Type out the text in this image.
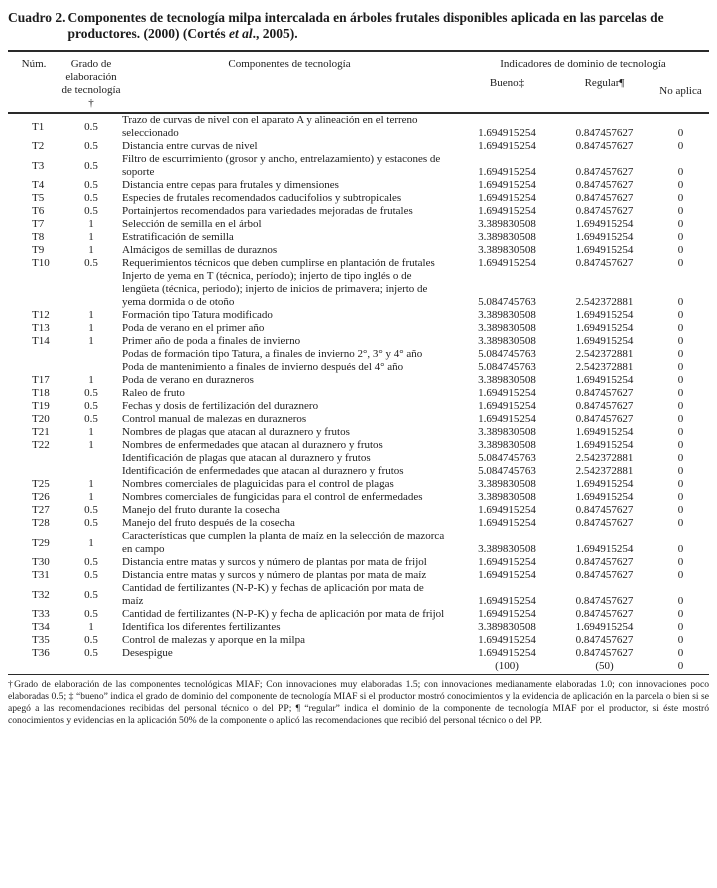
Cuadro 2. Componentes de tecnología milpa intercalada en árboles frutales disponibles aplicada en las parcelas de productores. (2000) (Cortés et al., 2005).
Núm.	Grado de elaboración de tecnología †	Componentes de tecnología	Indicadores de dominio de tecnología		
			Bueno‡	Regular¶	No aplica
T1	0.5	Trazo de curvas de nivel con el aparato A y alineación en el terreno seleccionado	1.694915254	0.847457627	0
T2	0.5	Distancia entre curvas de nivel	1.694915254	0.847457627	0
T3	0.5	Filtro de escurrimiento (grosor y ancho, entrelazamiento) y estacones de soporte	1.694915254	0.847457627	0
T4	0.5	Distancia entre cepas para frutales y dimensiones	1.694915254	0.847457627	0
T5	0.5	Especies de frutales recomendados caducifolios y subtropicales	1.694915254	0.847457627	0
T6	0.5	Portainjertos recomendados para variedades mejoradas de frutales	1.694915254	0.847457627	0
T7	1	Selección de semilla en el árbol	3.389830508	1.694915254	0
T8	1	Estratificación de semilla	3.389830508	1.694915254	0
T9	1	Almácigos de semillas de duraznos	3.389830508	1.694915254	0
T10	0.5	Requerimientos técnicos que deben cumplirse en plantación de frutales	1.694915254	0.847457627	0
		Injerto de yema en T (técnica, período); injerto de tipo inglés o de lengüeta (técnica, periodo); injerto de inicios de primavera; injerto de yema dormida o de otoño	5.084745763	2.542372881	0
T12	1	Formación tipo Tatura modificado	3.389830508	1.694915254	0
T13	1	Poda de verano en el primer año	3.389830508	1.694915254	0
T14	1	Primer año de poda a finales de invierno	3.389830508	1.694915254	0
		Podas de formación tipo Tatura, a finales de invierno 2°, 3° y 4° año	5.084745763	2.542372881	0
		Poda de mantenimiento a finales de invierno después del 4° año	5.084745763	2.542372881	0
T17	1	Poda de verano en durazneros	3.389830508	1.694915254	0
T18	0.5	Raleo de fruto	1.694915254	0.847457627	0
T19	0.5	Fechas y dosis de fertilización del duraznero	1.694915254	0.847457627	0
T20	0.5	Control manual de malezas en durazneros	1.694915254	0.847457627	0
T21	1	Nombres de plagas que atacan al duraznero y frutos	3.389830508	1.694915254	0
T22	1	Nombres de enfermedades que atacan al duraznero y frutos	3.389830508	1.694915254	0
		Identificación de plagas que atacan al duraznero y frutos	5.084745763	2.542372881	0
		Identificación de enfermedades que atacan al duraznero y frutos	5.084745763	2.542372881	0
T25	1	Nombres comerciales de plaguicidas para el control de plagas	3.389830508	1.694915254	0
T26	1	Nombres comerciales de fungicidas para el control de enfermedades	3.389830508	1.694915254	0
T27	0.5	Manejo del fruto durante la cosecha	1.694915254	0.847457627	0
T28	0.5	Manejo del fruto después de la cosecha	1.694915254	0.847457627	0
T29	1	Características que cumplen la planta de maíz en la selección de mazorca en campo	3.389830508	1.694915254	0
T30	0.5	Distancia entre matas y surcos y número de plantas por mata de frijol	1.694915254	0.847457627	0
T31	0.5	Distancia entre matas y surcos y número de plantas por mata de maíz	1.694915254	0.847457627	0
T32	0.5	Cantidad de fertilizantes (N-P-K) y fechas de aplicación por mata de maíz	1.694915254	0.847457627	0
T33	0.5	Cantidad de fertilizantes (N-P-K) y fecha de aplicación por mata de frijol	1.694915254	0.847457627	0
T34	1	Identifica los diferentes fertilizantes	3.389830508	1.694915254	0
T35	0.5	Control de malezas y aporque en la milpa	1.694915254	0.847457627	0
T36	0.5	Desespigue	1.694915254	0.847457627	0
			(100)	(50)	0
†Grado de elaboración de las componentes tecnológicas MIAF; Con innovaciones muy elaboradas 1.5; con innovaciones medianamente elaboradas 1.0; con innovaciones poco elaboradas 0.5; ‡ “bueno” indica el grado de dominio del componente de tecnología MIAF si el productor mostró conocimientos y la evidencia de aplicación en la parcela o bien si se apegó a las recomendaciones recibidas del personal técnico o del PP; ¶ “regular” indica el dominio de la componente de tecnología MIAF por el productor, si éste mostró conocimientos y evidencias en la aplicación 50% de la componente o aplicó las recomendaciones que recibió del personal técnico o del PP.
